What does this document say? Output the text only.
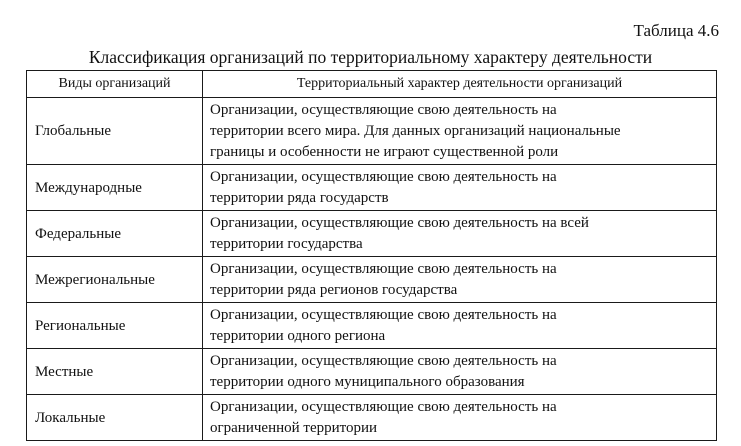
Таблица 4.6
Классификация организаций по территориальному характеру деятельности
Виды организаций	Территориальный характер деятельности организаций
Глобальные	Организации, осуществляющие свою деятельность на
территории всего мира. Для данных организаций национальные
границы и особенности не играют существенной роли

Международные	Организации, осуществляющие свою деятельность на
территории ряда государств

Федеральные	Организации, осуществляющие свою деятельность на всей
территории государства

Межрегиональные	Организации, осуществляющие свою деятельность на
территории ряда регионов государства

Региональные	Организации, осуществляющие свою деятельность на
территории одного региона

Местные	Организации, осуществляющие свою деятельность на
территории одного муниципального образования

Локальные	Организации, осуществляющие свою деятельность на
ограниченной территории
